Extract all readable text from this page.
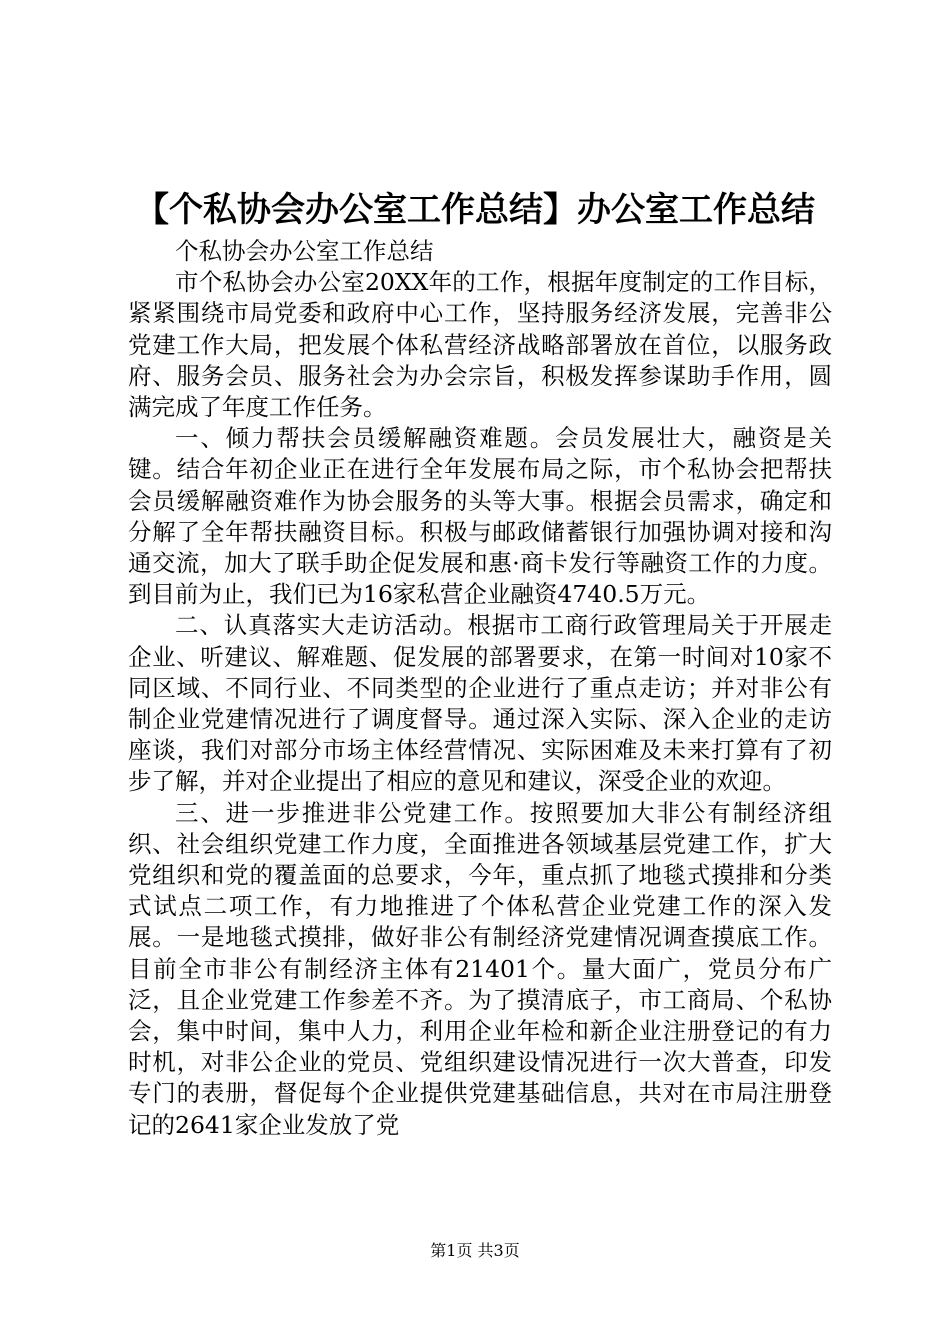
【个私协会办公室工作总结】办公室工作总结

个私协会办公室工作总结

市个私协会办公室20XX年的工作，根据年度制定的工作目标，紧紧围绕市局党委和政府中心工作，坚持服务经济发展，完善非公党建工作大局，把发展个体私营经济战略部署放在首位，以服务政府、服务会员、服务社会为办会宗旨，积极发挥参谋助手作用，圆满完成了年度工作任务。

一、倾力帮扶会员缓解融资难题。会员发展壮大，融资是关键。结合年初企业正在进行全年发展布局之际，市个私协会把帮扶会员缓解融资难作为协会服务的头等大事。根据会员需求，确定和分解了全年帮扶融资目标。积极与邮政储蓄银行加强协调对接和沟通交流，加大了联手助企促发展和惠·商卡发行等融资工作的力度。到目前为止，我们已为16家私营企业融资4740.5万元。

二、认真落实大走访活动。根据市工商行政管理局关于开展走企业、听建议、解难题、促发展的部署要求，在第一时间对10家不同区域、不同行业、不同类型的企业进行了重点走访；并对非公有制企业党建情况进行了调度督导。通过深入实际、深入企业的走访座谈，我们对部分市场主体经营情况、实际困难及未来打算有了初步了解，并对企业提出了相应的意见和建议，深受企业的欢迎。

三、进一步推进非公党建工作。按照要加大非公有制经济组织、社会组织党建工作力度，全面推进各领域基层党建工作，扩大党组织和党的覆盖面的总要求，今年，重点抓了地毯式摸排和分类式试点二项工作，有力地推进了个体私营企业党建工作的深入发展。一是地毯式摸排，做好非公有制经济党建情况调查摸底工作。目前全市非公有制经济主体有21401个。量大面广，党员分布广泛，且企业党建工作参差不齐。为了摸清底子，市工商局、个私协会，集中时间，集中人力，利用企业年检和新企业注册登记的有力时机，对非公企业的党员、党组织建设情况进行一次大普查，印发专门的表册，督促每个企业提供党建基础信息，共对在市局注册登记的2641家企业发放了党

第1页 共3页
